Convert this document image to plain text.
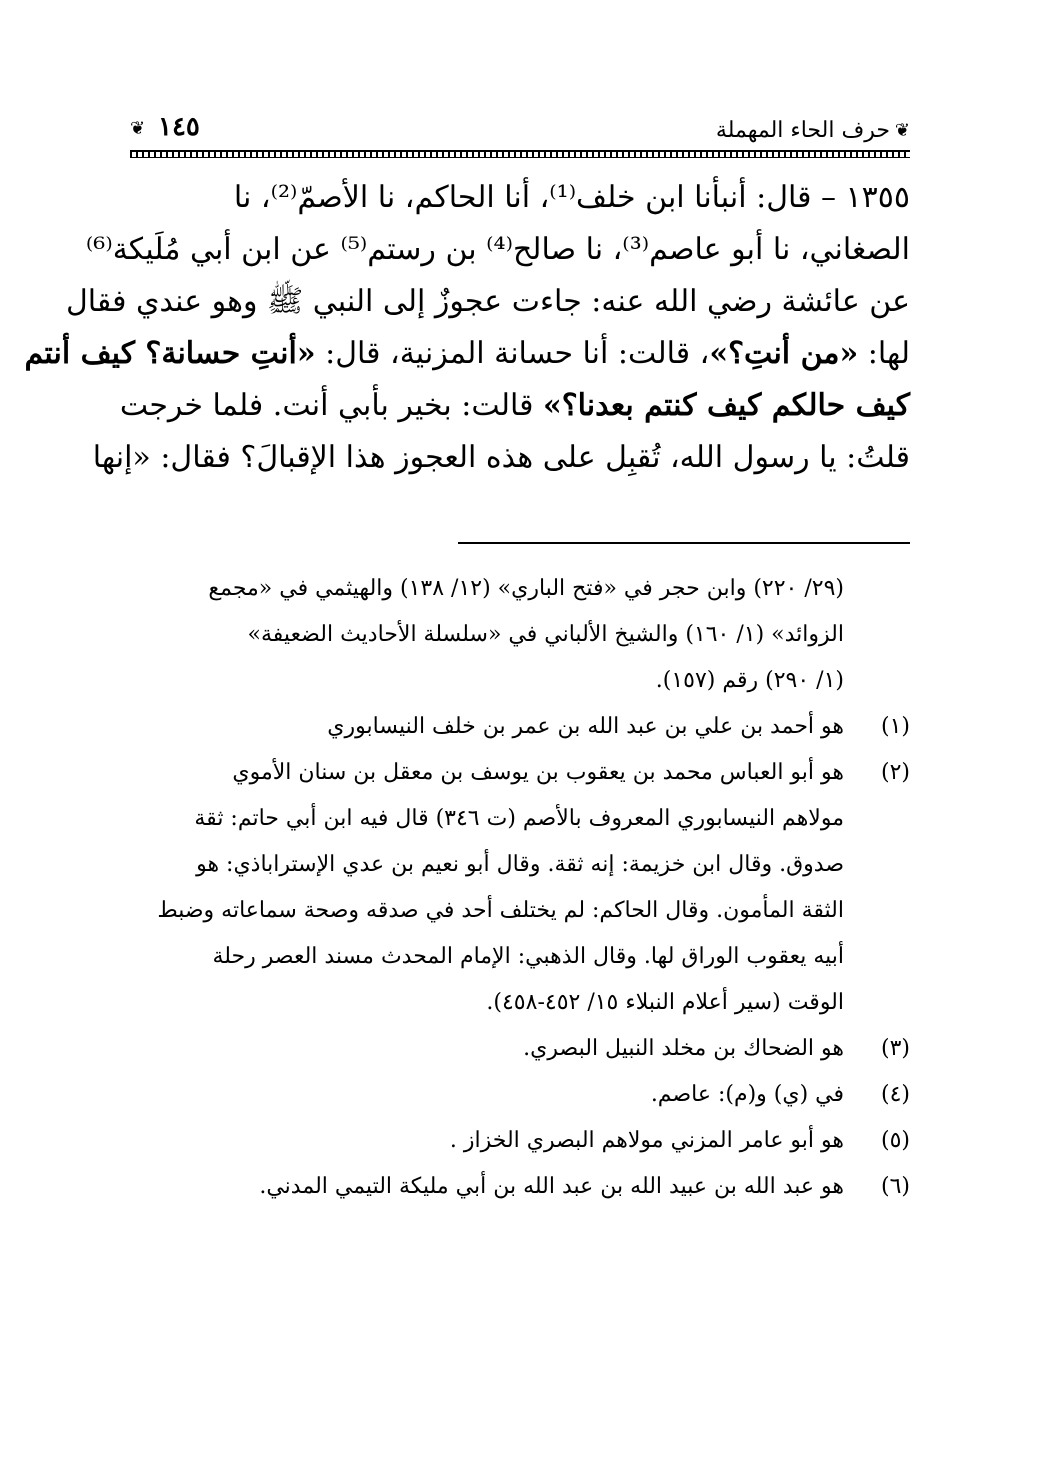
❦
حرف الحاء المهملة
١٤٥
❦
١٣٥٥ – قال: أنبأنا ابن خلف⁽¹⁾، أنا الحاكم، نا الأصمّ⁽²⁾، نا
الصغاني، نا أبو عاصم⁽³⁾، نا صالح⁽⁴⁾ بن رستم⁽⁵⁾ عن ابن أبي مُلَيكة⁽⁶⁾
عن عائشة رضي الله عنه: جاءت عجوزٌ إلى النبي ﷺ وهو عندي فقال
لها: «من أنتِ؟»، قالت: أنا حسانة المزنية، قال: «أنتِ حسانة؟ كيف أنتم
كيف حالكم كيف كنتم بعدنا؟» قالت: بخير بأبي أنت. فلما خرجت
قلتُ: يا رسول الله، تُقبِل على هذه العجوز هذا الإقبالَ؟ فقال: «إنها
(٢٩/ ٢٢٠) وابن حجر في «فتح الباري» (١٢/ ١٣٨) والهيثمي في «مجمع
الزوائد» (١/ ١٦٠) والشيخ الألباني في «سلسلة الأحاديث الضعيفة»
(١/ ٢٩٠) رقم (١٥٧).
(١)
هو أحمد بن علي بن عبد الله بن عمر بن خلف النيسابوري
(٢)
هو أبو العباس محمد بن يعقوب بن يوسف بن معقل بن سنان الأموي
مولاهم النيسابوري المعروف بالأصم (ت ٣٤٦) قال فيه ابن أبي حاتم: ثقة
صدوق. وقال ابن خزيمة: إنه ثقة. وقال أبو نعيم بن عدي الإستراباذي: هو
الثقة المأمون. وقال الحاكم: لم يختلف أحد في صدقه وصحة سماعاته وضبط
أبيه يعقوب الوراق لها. وقال الذهبي: الإمام المحدث مسند العصر رحلة
الوقت (سير أعلام النبلاء ١٥/ ٤٥٢-٤٥٨).
(٣)
هو الضحاك بن مخلد النبيل البصري.
(٤)
في (ي) و(م): عاصم.
(٥)
هو أبو عامر المزني مولاهم البصري الخزاز .
(٦)
هو عبد الله بن عبيد الله بن عبد الله بن أبي مليكة التيمي المدني.
